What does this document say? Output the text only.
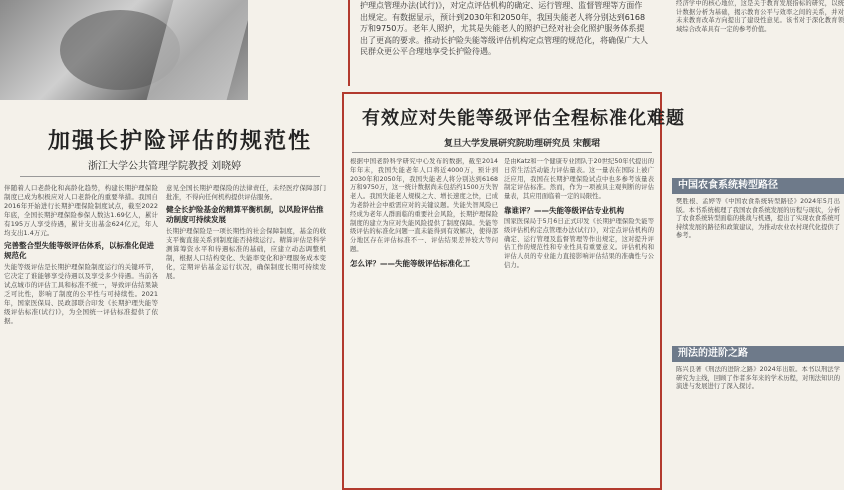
加强长护险评估的规范性
浙江大学公共管理学院教授 刘晓婷
伴随着人口老龄化和高龄化趋势，构建长期护理保险制度已成为积极应对人口老龄化的重要举措。我国自2016年开始进行长期护理保险制度试点，截至2022年底，全国长期护理保险参保人数达1.69亿人，累计有195万人享受待遇，累计支出基金624亿元，年人均支出1.4万元。
完善整合型失能等级评估体系，以标准化促进规范化
失能等级评估是长期护理保险制度运行的关键环节，它决定了谁能够享受待遇以及享受多少待遇。当前各试点城市的评估工具和标准不统一，导致评估结果缺乏可比性，影响了制度的公平性与可持续性。2021年，国家医保局、民政部联合印发《长期护理失能等级评估标准(试行)》，为全国统一评估标准提供了依据。
意见全国长期护理保险的法律责任，未经医疗保障部门批准，不得向任何机构提供评估服务。
健全长护险基金的精算平衡机制，以风险评估推动制度可持续发展
长期护理保险是一项长期性的社会保障制度，基金的收支平衡直接关系到制度能否持续运行。精算评估是科学测算筹资水平和待遇标准的基础，应建立动态调整机制，根据人口结构变化、失能率变化和护理服务成本变化，定期评估基金运行状况，确保制度长期可持续发展。
护理点管理办法(试行)》，对定点评估机构的确定、运行管理、监督管理等方面作出规定。有数据显示，预计到2030年和2050年，我国失能老人将分别达到6168万和9750万。老年人照护，尤其是失能老人的照护已经对社会化照护服务体系提出了更高的要求。推动长护险失能等级评估机构定点管理的规范化，将确保广大人民群众更公平合理地享受长护险待遇。
有效应对失能等级评估全程标准化难题
复旦大学发展研究院助理研究员 宋靓珺
根据中国老龄科学研究中心发布的数据，截至2014年年末，我国失能老年人口将近4000万，预计到2030年和2050年，我国失能老人将分别达到6168万和9750万，这一统计数据尚未包括约1500万失智老人。我国失能老人规模之大、增长速度之快，已成为老龄社会中亟需应对的关键议题。失能失智风险已经成为老年人群面临的重要社会风险，长期护理保险制度的建立为应对失能风险提供了制度保障。失能等级评估的标准化问题一直未能得到有效解决，使得部分地区存在评估标准不一、评估结果差异较大等问题。
怎么评？——失能等级评估标准化工
是由Katz和一个健康专业团队于20世纪50年代提出的日常生活活动能力评估量表。这一量表在国际上被广泛应用，我国在长期护理保险试点中也多参考该量表制定评估标准。然而，作为一项被具主观判断的评估量表，其应用面临着一定的局限性。
靠谁评？——失能等级评估专业机构
国家医保局于5月6日正式印发《长期护理保险失能等级评估机构定点管理办法(试行)》，对定点评估机构的确定、运行管理及监督管理等作出规定，这对提升评估工作的规范性和专业性具有重要意义。评估机构和评估人员的专业能力直接影响评估结果的准确性与公信力。
经济学中的核心地位，这是关于教育发展指标的研究，以统计数据分析为基础，揭示教育公平与效率之间的关系，并对未来教育改革方向提出了建设性意见。该书对于深化教育领域综合改革具有一定的参考价值。
中国农食系统转型路径
樊胜根、孟婷等《中国农食系统转型路径》2024年5月出版。本书系统梳理了我国农食系统发展的历程与现状，分析了农食系统转型面临的挑战与机遇，提出了实现农食系统可持续发展的路径和政策建议，为推动农业农村现代化提供了参考。
刑法的进阶之路
陈兴良著《刑法的进阶之路》2024年出版。本书以刑法学研究为主线，回顾了作者多年来的学术历程，对刑法知识的演进与发展进行了深入探讨。
